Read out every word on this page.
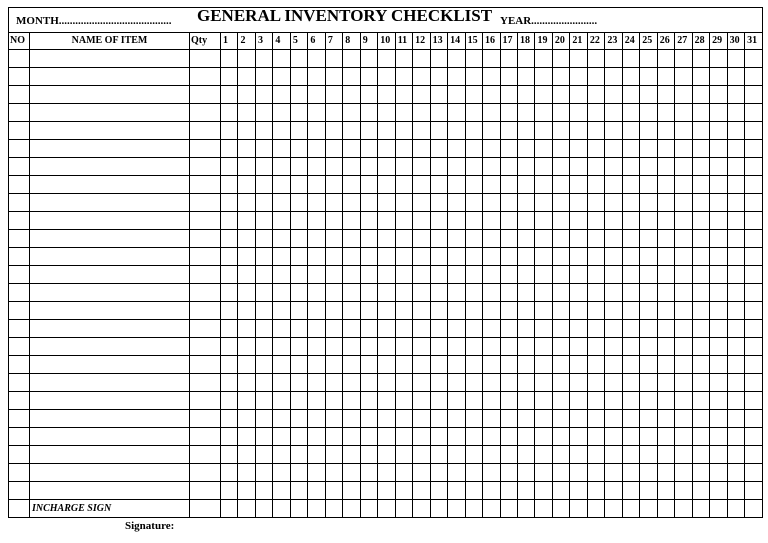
MONTH......................................... GENERAL INVENTORY CHECKLIST YEAR........................																																	

NO	NAME OF ITEM	Qty	1	2	3	4	5	6	7	8	9	10	11	12	13	14	15	16	17	18	19	20	21	22	23	24	25	26	27	28	29	30	31

	INCHARGE SIGN																																
Signature:
